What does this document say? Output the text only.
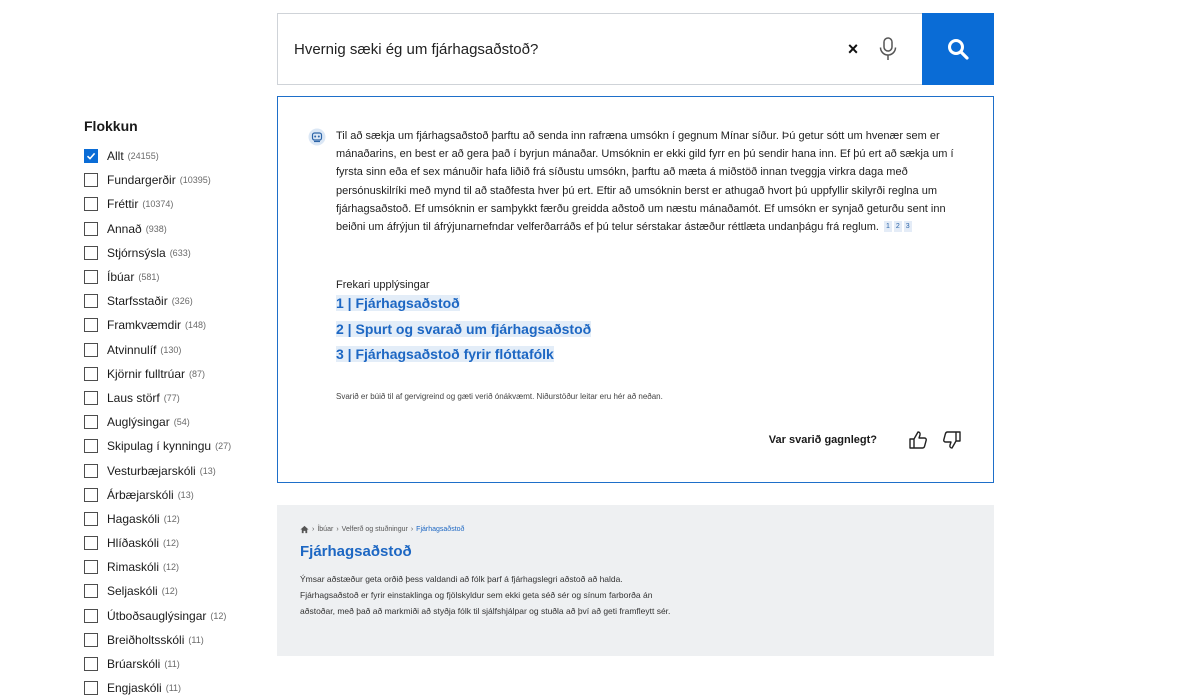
Hvernig sæki ég um fjárhagsaðstoð?
×
Flokkun
Allt (24155)
Fundargerðir (10395)
Fréttir (10374)
Annað (938)
Stjórnsýsla (633)
Íbúar (581)
Starfsstaðir (326)
Framkvæmdir (148)
Atvinnulíf (130)
Kjörnir fulltrúar (87)
Laus störf (77)
Auglýsingar (54)
Skipulag í kynningu (27)
Vesturbæjarskóli (13)
Árbæjarskóli (13)
Hagaskóli (12)
Hlíðaskóli (12)
Rimaskóli (12)
Seljaskóli (12)
Útboðsauglýsingar (12)
Breiðholtsskóli (11)
Brúarskóli (11)
Engjaskóli (11)
Til að sækja um fjárhagsaðstoð þarftu að senda inn rafræna umsókn í gegnum Mínar síður. Þú getur sótt um hvenær sem er mánaðarins, en best er að gera það í byrjun mánaðar. Umsóknin er ekki gild fyrr en þú sendir hana inn. Ef þú ert að sækja um í fyrsta sinn eða ef sex mánuðir hafa liðið frá síðustu umsókn, þarftu að mæta á miðstöð innan tveggja virkra daga með persónuskilríki með mynd til að staðfesta hver þú ert. Eftir að umsóknin berst er athugað hvort þú uppfyllir skilyrði reglna um fjárhagsaðstoð. Ef umsóknin er samþykkt færðu greidda aðstoð um næstu mánaðamót. Ef umsókn er synjað geturðu sent inn beiðni um áfrýjun til áfrýjunarnefndar velferðarráðs ef þú telur sérstakar ástæður réttlæta undanþágu frá reglum. 1 2 3
Frekari upplýsingar
1 | Fjárhagsaðstoð
2 | Spurt og svarað um fjárhagsaðstoð
3 | Fjárhagsaðstoð fyrir flóttafólk
Svarið er búið til af gervigreind og gæti verið ónákvæmt. Niðurstöður leitar eru hér að neðan.
Var svarið gagnlegt?
› Íbúar › Velferð og stuðningur › Fjárhagsaðstoð
Fjárhagsaðstoð
Ýmsar aðstæður geta orðið þess valdandi að fólk þarf á fjárhagslegri aðstoð að halda. Fjárhagsaðstoð er fyrir einstaklinga og fjölskyldur sem ekki geta séð sér og sínum farborða án aðstoðar, með það að markmiði að styðja fólk til sjálfshjálpar og stuðla að því að geti framfleytt sér.
